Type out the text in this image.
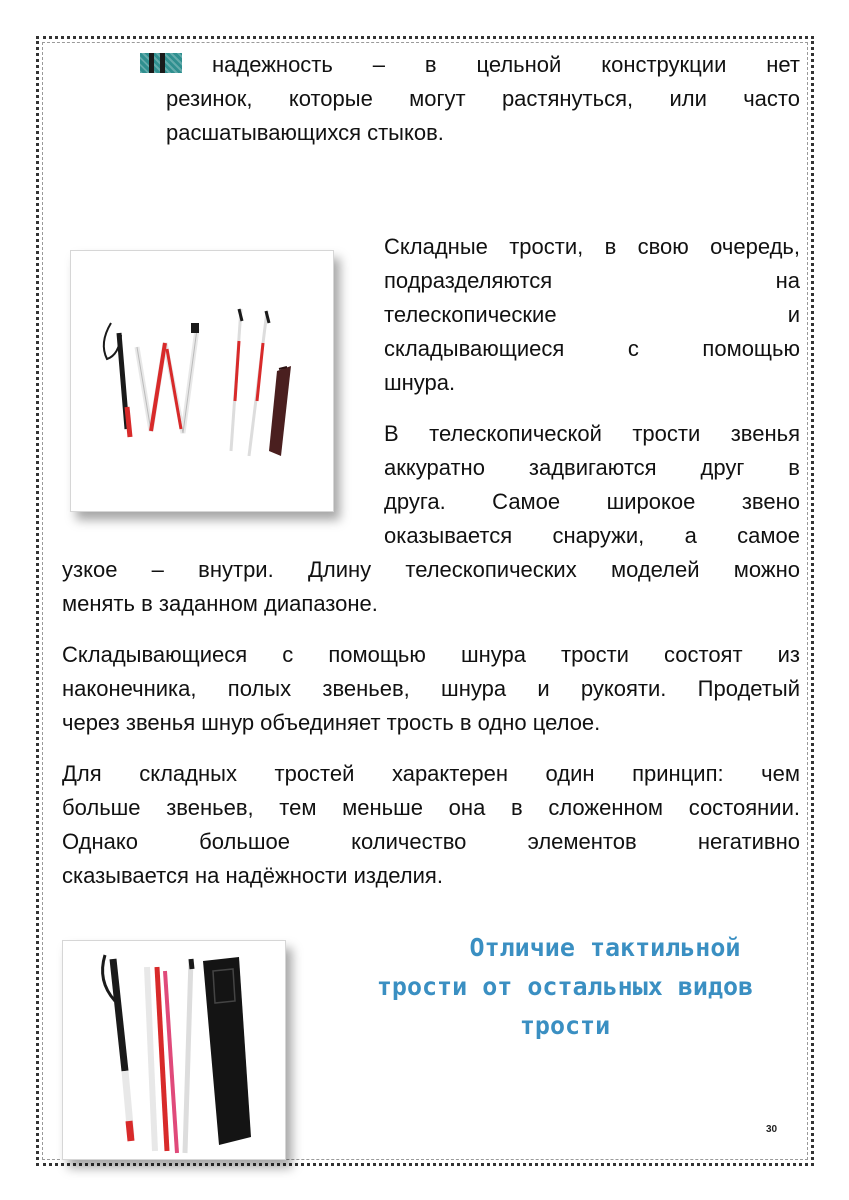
надежность – в цельной конструкции нет
резинок, которые могут растянуться, или часто
расшатывающихся стыков.
Складные трости, в свою очередь,
подразделяются на
телескопические и
складывающиеся с помощью
шнура.
В телескопической трости звенья
аккуратно задвигаются друг в
друга. Самое широкое звено
оказывается снаружи, а самое
узкое – внутри. Длину телескопических моделей можно
менять в заданном диапазоне.
Складывающиеся с помощью шнура трости состоят из
наконечника, полых звеньев, шнура и рукояти. Продетый
через звенья шнур объединяет трость в одно целое.
Для складных тростей характерен один принцип: чем
больше звеньев, тем меньше она в сложенном состоянии.
Однако большое количество элементов негативно
сказывается на надёжности изделия.
Отличие тактильной
трости от остальных видов
трости
30
